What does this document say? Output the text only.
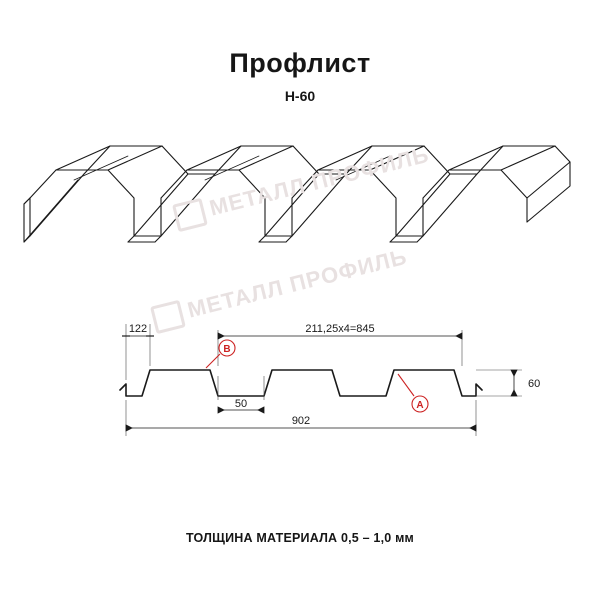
Профлист
Н-60
МЕТАЛЛ ПРОФИЛЬ
МЕТАЛЛ ПРОФИЛЬ
122	211,25х4=845
50
902
60
B
A
ТОЛЩИНА МАТЕРИАЛА 0,5 – 1,0 мм
